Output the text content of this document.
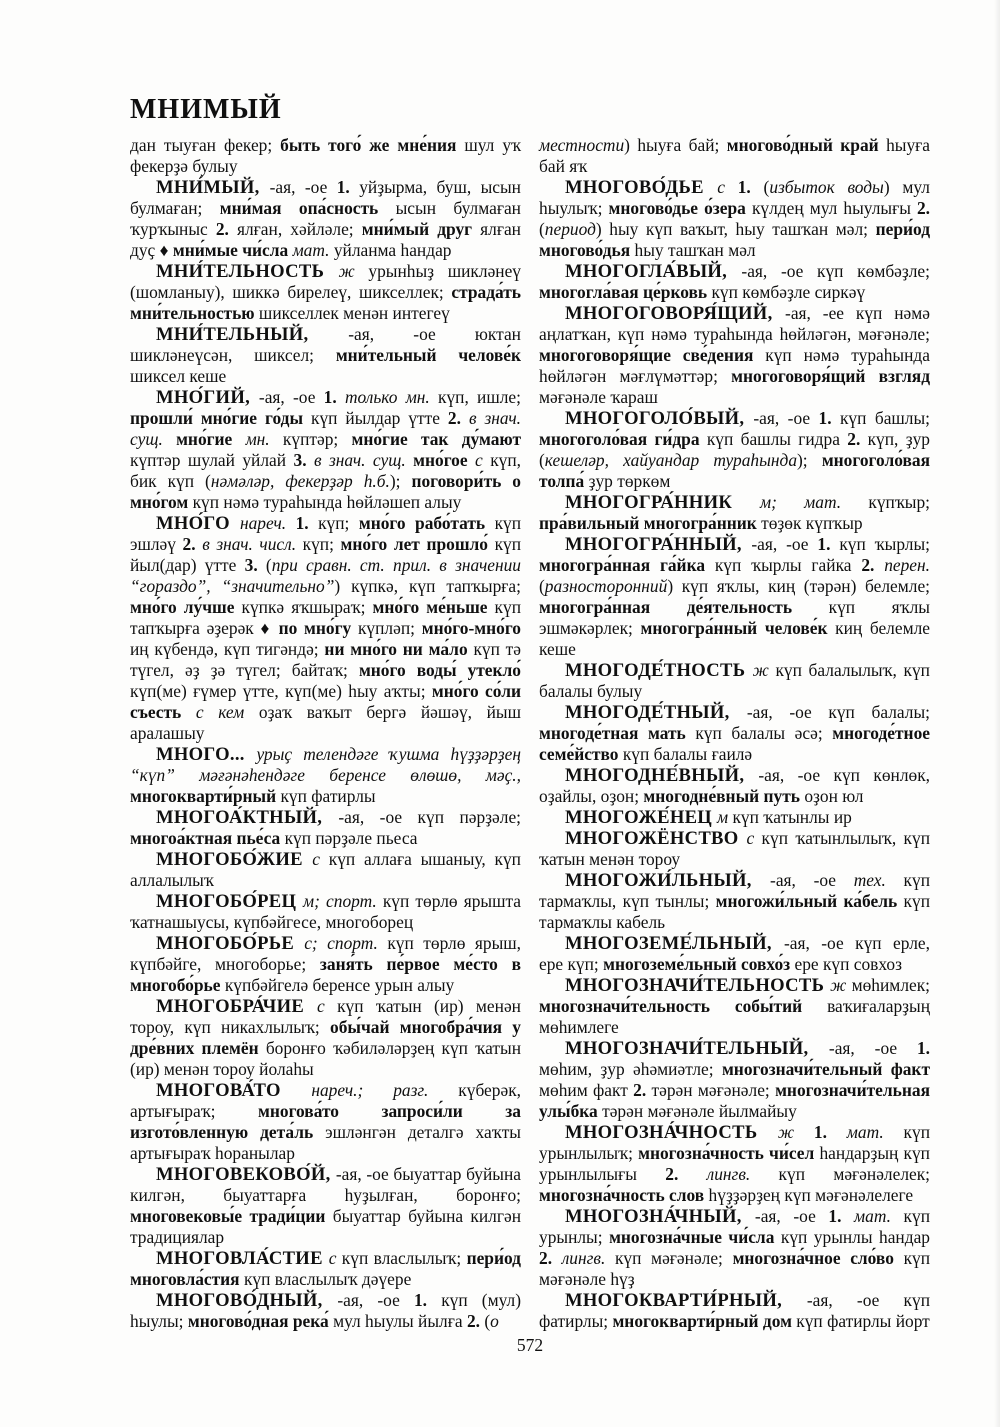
МНИМЫЙ

дан тыуған фекер; быть того́ же мне́ния шул уҡ фекерҙә булыу

МНИ́МЫЙ, -ая, -ое 1. уйҙырма, буш, ысын булмаған; мни́мая опа́сность ысын булмаған ҡурҡыныс 2. ялған, хәйләле; мни́мый друг ялған дуҫ ♦ мни́мые чи́сла мат. уйланма һандар

МНИ́ТЕЛЬНОСТЬ ж урынһыҙ шикләнеү (шомланыу), шиккә бирелеү, шикселлек; страда́ть мни́тельностью шикселлек менән интегеү

МНИ́ТЕЛЬНЫЙ, -ая, -ое юктан шикләнеүсән, шиксел; мни́тельный челове́к шиксел кеше

МНО́ГИЙ, -ая, -ое 1. только мн. күп, ишле; прошли́ мно́гие го́ды күп йылдар үтте 2. в знач. сущ. мно́гие мн. күптәр; мно́гие так ду́мают күптәр шулай уйлай 3. в знач. сущ. мно́гое с күп, бик күп (нәмәләр, фекерҙәр һ.б.); поговори́ть о мно́гом күп нәмә тураһында һөйләшеп алыу

МНО́ГО нареч. 1. күп; мно́го рабо́тать күп эшләү 2. в знач. числ. күп; мно́го лет прошло́ күп йыл(дар) үтте 3. (при сравн. ст. прил. в значении “гораздо”, “значительно”) күпкә, күп тапҡырға; мно́го лу́чше күпкә яҡшыраҡ; мно́го ме́ньше күп тапҡырға әҙерәк ♦ по мно́гу күпләп; мно́го-мно́го иң күбендә, күп тигәндә; ни мно́го ни ма́ло күп тә түгел, әҙ ҙә түгел; байтаҡ; мно́го воды́ утекло́ күп(ме) ғүмер үтте, күп(ме) һыу аҡты; мно́го со́ли съесть с кем оҙаҡ ваҡыт бергә йәшәү, йыш аралашыу

МНОГО... урыҫ телендәге ҡушма һүҙҙәрҙең “күп” мәғәнәһендәге беренсе өлөшө, мәҫ., многокварти́рный күп фатирлы

МНОГОА́КТНЫЙ, -ая, -ое күп пәрҙәле; многоа́ктная пье́са күп пәрҙәле пьеса

МНОГОБО́ЖИЕ с күп аллаға ышаныу, күп аллалылыҡ

МНОГОБО́РЕЦ м; спорт. күп төрлө ярышта ҡатнашыусы, күпбәйгесе, многоборец

МНОГОБО́РЬЕ с; спорт. күп төрлө ярыш, күпбәйге, многоборье; заня́ть пе́рвое ме́сто в многобо́рье күпбәйгелә беренсе урын алыу

МНОГОБРА́ЧИЕ с күп ҡатын (ир) менән тороу, күп никахлылыҡ; обы́чай многобра́чия у дре́вних племён боронғо ҡәбиләләрҙең күп ҡатын (ир) менән тороу йолаһы

МНОГОВА́ТО нареч.; разг. күберәк, артығыраҡ; многова́то запроси́ли за изгото́вленную дета́ль эшләнгән деталгә хаҡты артығыраҡ һоранылар

МНОГОВЕКОВО́Й, -ая, -ое быуаттар буйына килгән, быуаттарға һуҙылған, боронғо; многовековы́е тради́ции быуаттар буйына килгән традициялар

МНОГОВЛА́СТИЕ с күп власлылыҡ; пери́од многовла́стия күп власлылыҡ дәүере

МНОГОВО́ДНЫЙ, -ая, -ое 1. күп (мул) һыулы; многово́дная река́ мул һыулы йылға 2. (о

местности) һыуға бай; многово́дный край һыуға бай яҡ

МНОГОВО́ДЬЕ с 1. (избыток воды) мул һыулыҡ; многово́дье о́зера күлдең мул һыулығы 2. (период) һыу күп ваҡыт, һыу ташҡан мәл; пери́од многово́дья һыу ташҡан мәл

МНОГОГЛА́ВЫЙ, -ая, -ое күп көмбәҙле; многогла́вая це́рковь күп көмбәҙле сиркәү

МНОГОГОВОРЯ́ЩИЙ, -ая, -ее күп нәмә аңлатҡан, күп нәмә тураһында һөйләгән, мәғәнәле; многоговоря́щие све́дения күп нәмә тураһында һөйләгән мәғлүмәттәр; многоговоря́щий взгляд мәғәнәле ҡараш

МНОГОГОЛО́ВЫЙ, -ая, -ое 1. күп башлы; многоголо́вая ги́дра күп башлы гидра 2. күп, ҙур (кешеләр, хайуандар тураһында); многоголо́вая толпа́ ҙур төркөм

МНОГОГРА́ННИК м; мат. күпҡыр; пра́вильный многогра́нник төҙөк күпҡыр

МНОГОГРА́ННЫЙ, -ая, -ое 1. күп ҡырлы; многогра́нная га́йка күп ҡырлы гайка 2. перен. (разносторонний) күп яҡлы, киң (тәрән) белемле; многогра́нная де́ятельность күп яҡлы эшмәкәрлек; многогра́нный челове́к киң белемле кеше

МНОГОДЕ́ТНОСТЬ ж күп балалылыҡ, күп балалы булыу

МНОГОДЕ́ТНЫЙ, -ая, -ое күп балалы; многоде́тная мать күп балалы әсә; многоде́тное семе́йство күп балалы ғаилә

МНОГОДНЕ́ВНЫЙ, -ая, -ое күп көнлөк, оҙайлы, оҙон; многодне́вный путь оҙон юл

МНОГОЖЕ́НЕЦ м күп ҡатынлы ир

МНОГОЖЁНСТВО с күп ҡатынлылыҡ, күп ҡатын менән тороу

МНОГОЖИ́ЛЬНЫЙ, -ая, -ое тех. күп тармаҡлы, күп тынлы; многожи́льный ка́бель күп тармаҡлы кабель

МНОГОЗЕМЕ́ЛЬНЫЙ, -ая, -ое күп ерле, ере күп; многоземе́льный совхо́з ере күп совхоз

МНОГОЗНАЧИ́ТЕЛЬНОСТЬ ж мөһимлек; многозначи́тельность собы́тий ваҡиғаларҙың мөһимлеге

МНОГОЗНАЧИ́ТЕЛЬНЫЙ, -ая, -ое 1. мөһим, ҙур әһәмиәтле; многозначи́тельный факт мөһим факт 2. тәрән мәғәнәле; многозначи́тельная улы́бка тәрән мәғәнәле йылмайыу

МНОГОЗНА́ЧНОСТЬ ж 1. мат. күп урынлылыҡ; многозна́чность чи́сел һандарҙың күп урынлылығы 2. лингв. күп мәғәнәлелек; многозна́чность слов һүҙҙәрҙең күп мәғәнәлелеге

МНОГОЗНА́ЧНЫЙ, -ая, -ое 1. мат. күп урынлы; многозна́чные чи́сла күп урынлы һандар 2. лингв. күп мәғәнәле; многозна́чное сло́во күп мәғәнәле һүҙ

МНОГОКВАРТИ́РНЫЙ, -ая, -ое күп фатирлы; многокварти́рный дом күп фатирлы йорт

572
